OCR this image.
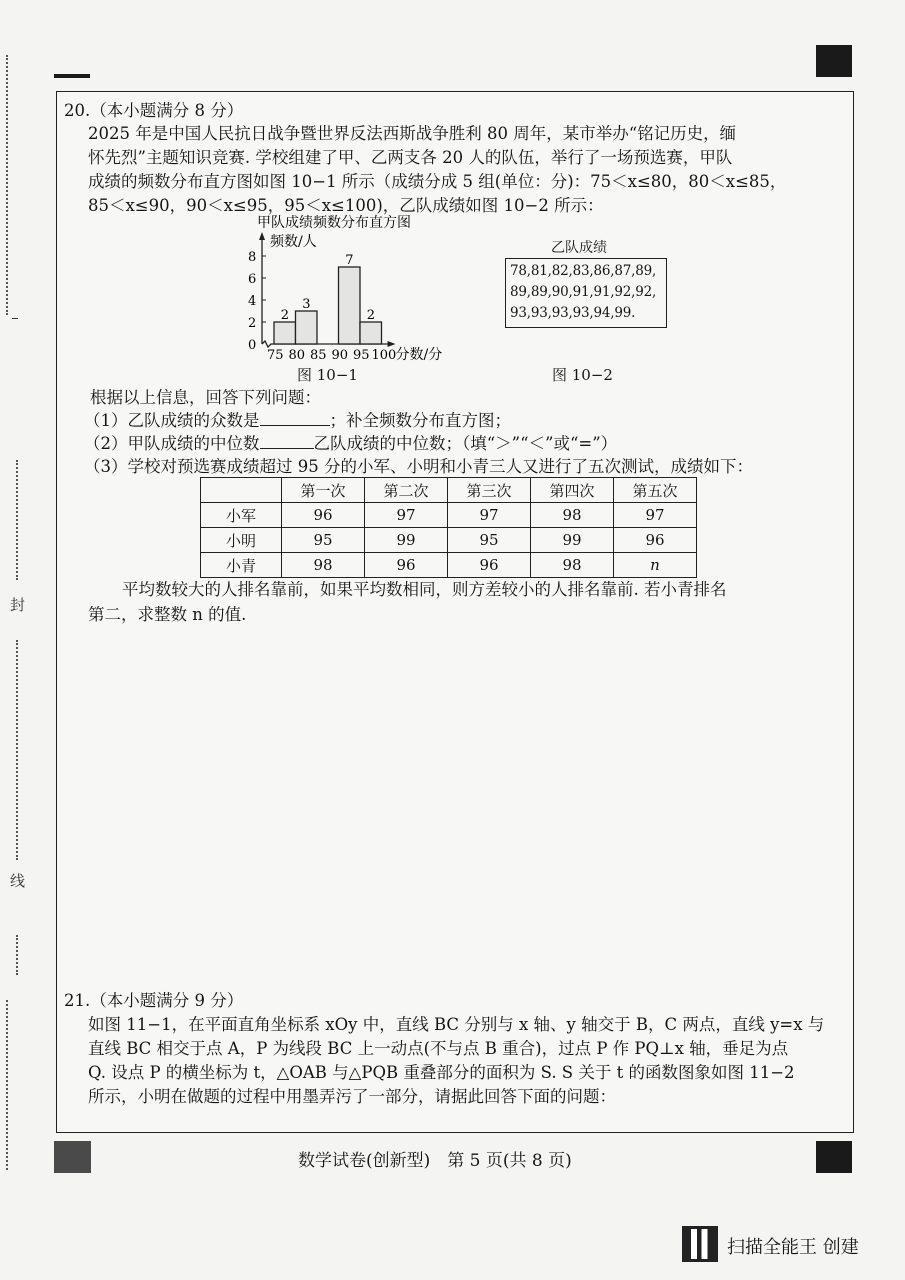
封
线
20.（本小题满分 8 分）
2025 年是中国人民抗日战争暨世界反法西斯战争胜利 80 周年，某市举办“铭记历史，缅
怀先烈”主题知识竞赛. 学校组建了甲、乙两支各 20 人的队伍，举行了一场预选赛，甲队
成绩的频数分布直方图如图 10−1 所示（成绩分成 5 组(单位：分)：75＜x≤80，80＜x≤85，
85＜x≤90，90＜x≤95，95＜x≤100)，乙队成绩如图 10−2 所示：
甲队成绩频数分布直方图
频数/人
0
2
4
6
8
75 80 85 90 95 100 分数/分
2
3
7
2
图 10−1
乙队成绩
78,81,82,83,86,87,89,
89,89,90,91,91,92,92,
93,93,93,93,94,99.
图 10−2
根据以上信息，回答下列问题：
（1）乙队成绩的众数是	；补全频数分布直方图；
（2）甲队成绩的中位数	乙队成绩的中位数；（填“＞”“＜”或“=”）
（3）学校对预选赛成绩超过 95 分的小军、小明和小青三人又进行了五次测试，成绩如下：
	第一次	第二次	第三次	第四次	第五次
小军	96	97	97	98	97
小明	95	99	95	99	96
小青	98	96	96	98	n
平均数较大的人排名靠前，如果平均数相同，则方差较小的人排名靠前. 若小青排名
第二，求整数 n 的值.
21.（本小题满分 9 分）
如图 11−1，在平面直角坐标系 xOy 中，直线 BC 分别与 x 轴、y 轴交于 B，C 两点，直线 y=x 与
直线 BC 相交于点 A，P 为线段 BC 上一动点(不与点 B 重合)，过点 P 作 PQ⊥x 轴，垂足为点
Q. 设点 P 的横坐标为 t，△OAB 与△PQB 重叠部分的面积为 S. S 关于 t 的函数图象如图 11−2
所示，小明在做题的过程中用墨弄污了一部分，请据此回答下面的问题：
数学试卷(创新型)　第 5 页(共 8 页)
扫描全能王 创建
